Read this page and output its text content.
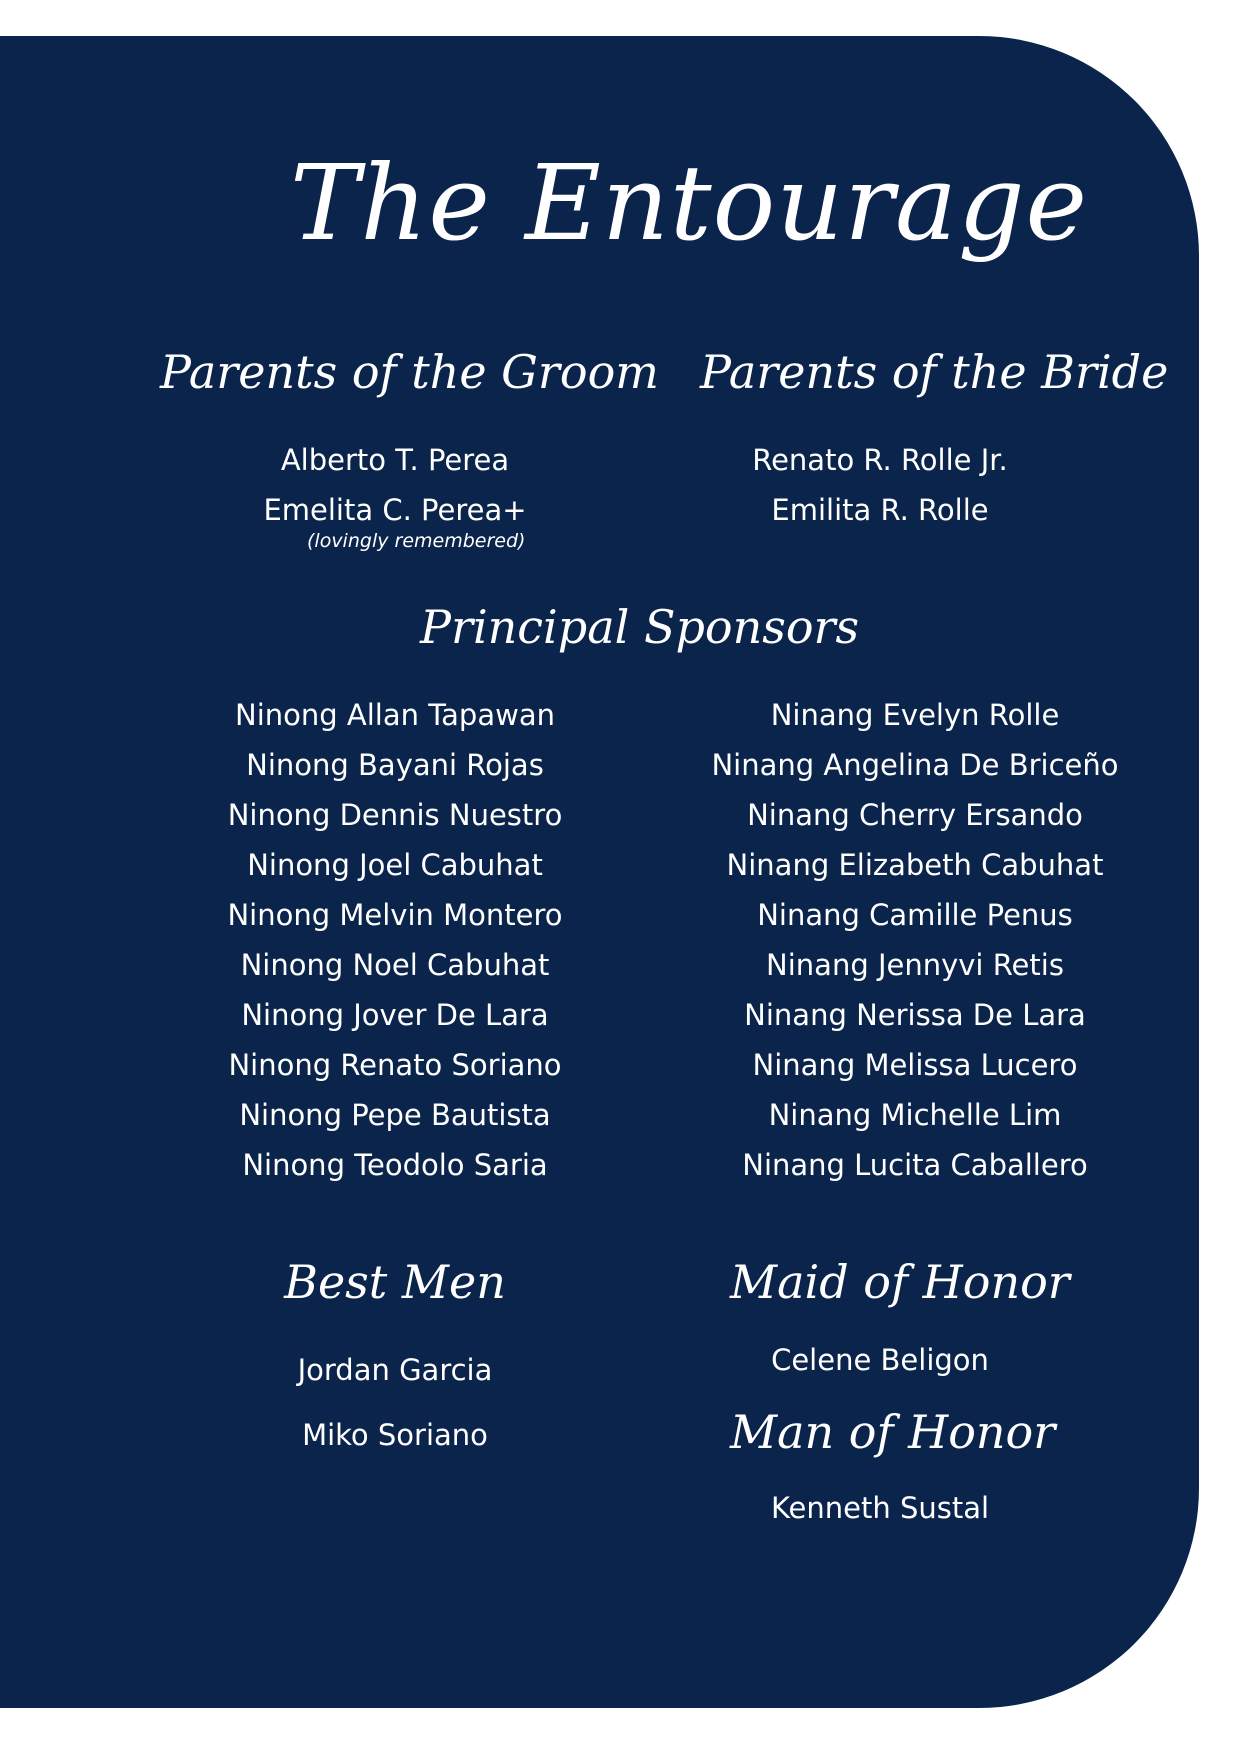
The Entourage
Parents of the Groom
Alberto T. Perea
Emelita C. Perea+
(lovingly remembered)
Parents of the Bride
Renato R. Rolle Jr.
Emilita R. Rolle
Principal Sponsors
Ninong Allan Tapawan
Ninong Bayani Rojas
Ninong Dennis Nuestro
Ninong Joel Cabuhat
Ninong Melvin Montero
Ninong Noel Cabuhat
Ninong Jover De Lara
Ninong Renato Soriano
Ninong Pepe Bautista
Ninong Teodolo Saria
Ninang Evelyn Rolle
Ninang Angelina De Briceño
Ninang Cherry Ersando
Ninang Elizabeth Cabuhat
Ninang Camille Penus
Ninang Jennyvi Retis
Ninang Nerissa De Lara
Ninang Melissa Lucero
Ninang Michelle Lim
Ninang Lucita Caballero
Best Men
Jordan Garcia
Miko Soriano
Maid of Honor
Celene Beligon
Man of Honor
Kenneth Sustal
